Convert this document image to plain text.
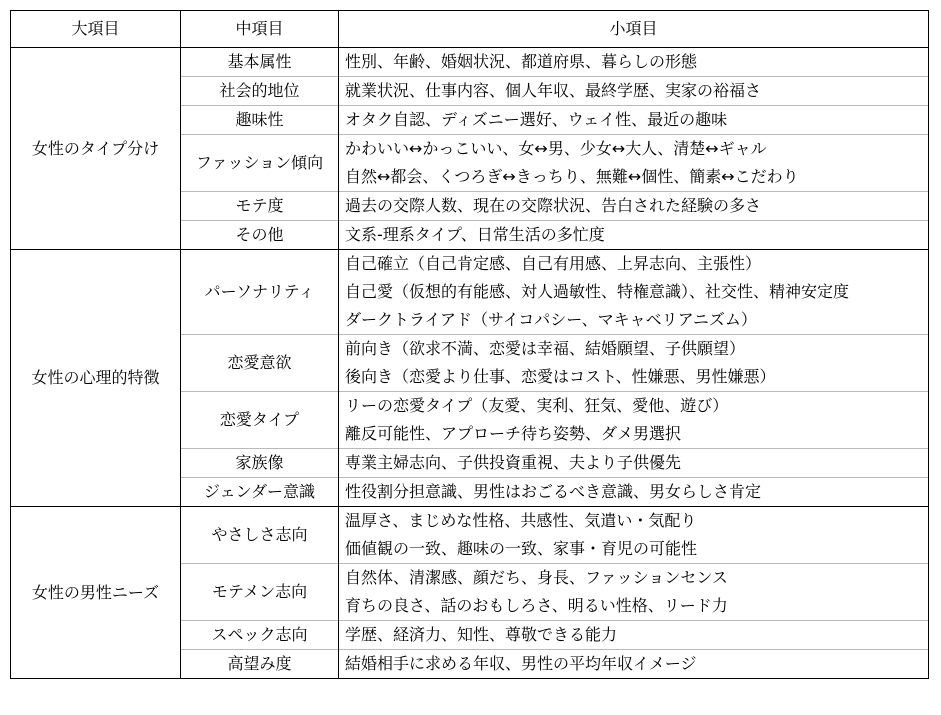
大項目	中項目	小項目
女性のタイプ分け	基本属性	性別、年齢、婚姻状況、都道府県、暮らしの形態

	社会的地位	就業状況、仕事内容、個人年収、最終学歴、実家の裕福さ

	趣味性	オタク自認、ディズニー選好、ウェイ性、最近の趣味

	ファッション傾向	かわいい↔かっこいい、女↔男、少女↔大人、清楚↔ギャル
自然↔都会、くつろぎ↔きっちり、無難↔個性、簡素↔こだわり

	モテ度	過去の交際人数、現在の交際状況、告白された経験の多さ

	その他	文系-理系タイプ、日常生活の多忙度

女性の心理的特徴	パーソナリティ	自己確立（自己肯定感、自己有用感、上昇志向、主張性）
自己愛（仮想的有能感、対人過敏性、特権意識）、社交性、精神安定度
ダークトライアド（サイコパシー、マキャベリアニズム）

	恋愛意欲	前向き（欲求不満、恋愛は幸福、結婚願望、子供願望）
後向き（恋愛より仕事、恋愛はコスト、性嫌悪、男性嫌悪）

	恋愛タイプ	リーの恋愛タイプ（友愛、実利、狂気、愛他、遊び）
離反可能性、アプローチ待ち姿勢、ダメ男選択

	家族像	専業主婦志向、子供投資重視、夫より子供優先

	ジェンダー意識	性役割分担意識、男性はおごるべき意識、男女らしさ肯定

女性の男性ニーズ	やさしさ志向	温厚さ、まじめな性格、共感性、気遣い・気配り
価値観の一致、趣味の一致、家事・育児の可能性

	モテメン志向	自然体、清潔感、顔だち、身長、ファッションセンス
育ちの良さ、話のおもしろさ、明るい性格、リード力

	スペック志向	学歴、経済力、知性、尊敬できる能力

	高望み度	結婚相手に求める年収、男性の平均年収イメージ
